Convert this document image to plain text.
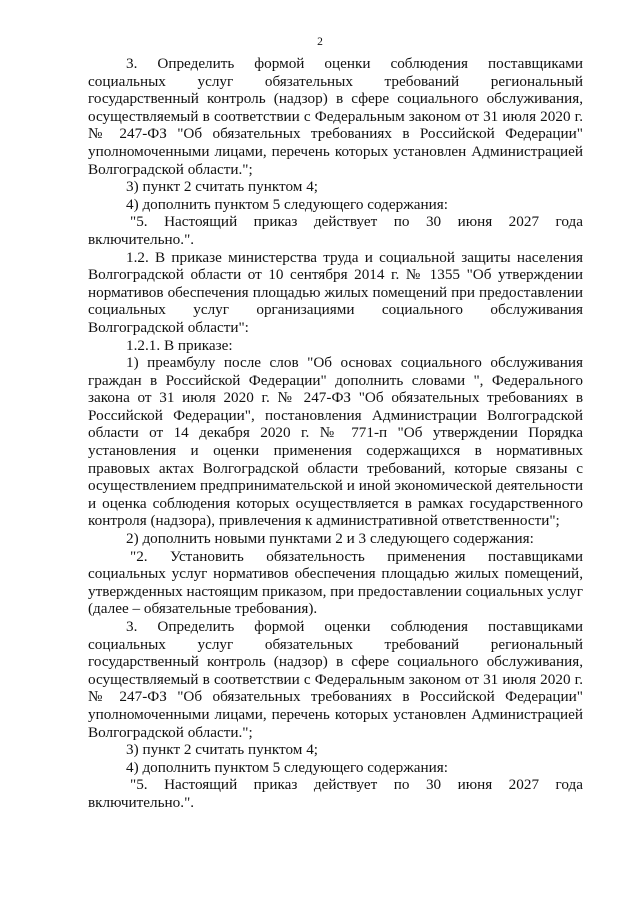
2

3. Определить формой оценки соблюдения поставщиками социальных услуг обязательных требований региональный государственный контроль (надзор) в сфере социального обслуживания, осуществляемый в соответствии с Федеральным законом от 31 июля 2020 г. № 247-ФЗ "Об обязательных требованиях в Российской Федерации" уполномоченными лицами, перечень которых установлен Администрацией Волгоградской области.";

3) пункт 2 считать пунктом 4;

4) дополнить пунктом 5 следующего содержания:

"5. Настоящий приказ действует по 30 июня 2027 года включительно.".

1.2. В приказе министерства труда и социальной защиты населения Волгоградской области от 10 сентября 2014 г. № 1355 "Об утверждении нормативов обеспечения площадью жилых помещений при предоставлении социальных услуг организациями социального обслуживания Волгоградской области":

1.2.1. В приказе:

1) преамбулу после слов "Об основах социального обслуживания граждан в Российской Федерации" дополнить словами ", Федерального закона от 31 июля 2020 г. № 247-ФЗ "Об обязательных требованиях в Российской Федерации", постановления Администрации Волгоградской области от 14 декабря 2020 г. № 771-п "Об утверждении Порядка установления и оценки применения содержащихся в нормативных правовых актах Волгоградской области требований, которые связаны с осуществлением предпринимательской и иной экономической деятельности и оценка соблюдения которых осуществляется в рамках государственного контроля (надзора), привлечения к административной ответственности";

2) дополнить новыми пунктами 2 и 3 следующего содержания:

"2. Установить обязательность применения поставщиками социальных услуг нормативов обеспечения площадью жилых помещений, утвержденных настоящим приказом, при предоставлении социальных услуг (далее – обязательные требования).

3. Определить формой оценки соблюдения поставщиками социальных услуг обязательных требований региональный государственный контроль (надзор) в сфере социального обслуживания, осуществляемый в соответствии с Федеральным законом от 31 июля 2020 г. № 247-ФЗ "Об обязательных требованиях в Российской Федерации" уполномоченными лицами, перечень которых установлен Администрацией Волгоградской области.";

3) пункт 2 считать пунктом 4;

4) дополнить пунктом 5 следующего содержания:

"5. Настоящий приказ действует по 30 июня 2027 года включительно.".
